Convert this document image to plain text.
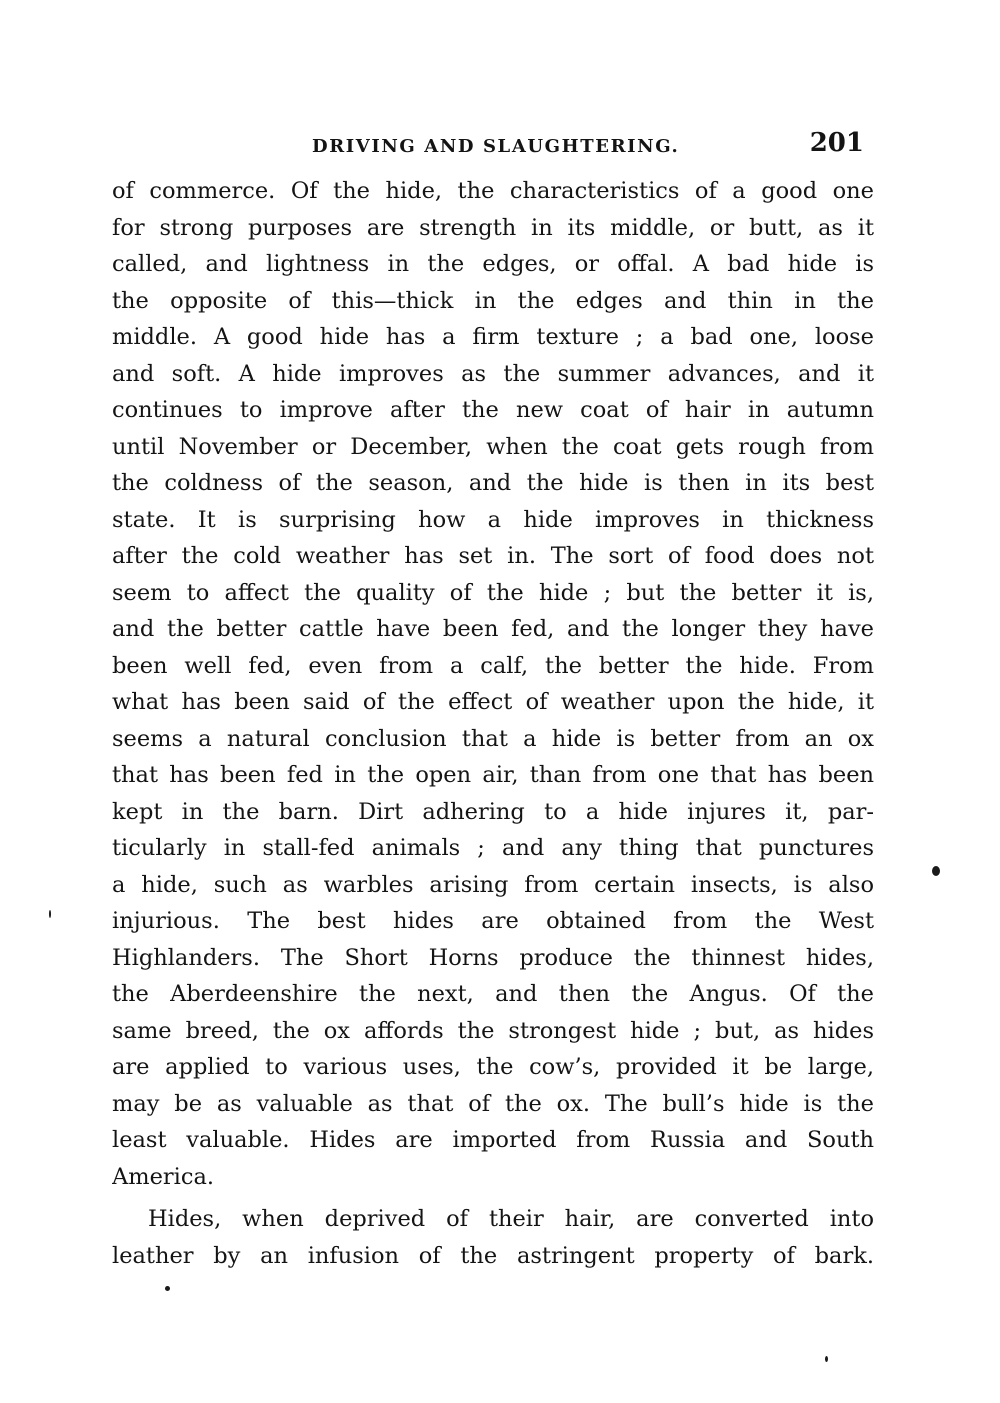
DRIVING AND SLAUGHTERING.	201
of commerce. Of the hide, the characteristics of a good one
for strong purposes are strength in its middle, or butt, as it
called, and lightness in the edges, or offal. A bad hide is
the opposite of this—thick in the edges and thin in the
middle. A good hide has a firm texture ; a bad one, loose
and soft. A hide improves as the summer advances, and it
continues to improve after the new coat of hair in autumn
until November or December, when the coat gets rough from
the coldness of the season, and the hide is then in its best
state. It is surprising how a hide improves in thickness
after the cold weather has set in. The sort of food does not
seem to affect the quality of the hide ; but the better it is,
and the better cattle have been fed, and the longer they have
been well fed, even from a calf, the better the hide. From
what has been said of the effect of weather upon the hide, it
seems a natural conclusion that a hide is better from an ox
that has been fed in the open air, than from one that has been
kept in the barn. Dirt adhering to a hide injures it, par-
ticularly in stall-fed animals ; and any thing that punctures
a hide, such as warbles arising from certain insects, is also
injurious. The best hides are obtained from the West
Highlanders. The Short Horns produce the thinnest hides,
the Aberdeenshire the next, and then the Angus. Of the
same breed, the ox affords the strongest hide ; but, as hides
are applied to various uses, the cow’s, provided it be large,
may be as valuable as that of the ox. The bull’s hide is the
least valuable. Hides are imported from Russia and South
America.
Hides, when deprived of their hair, are converted into
leather by an infusion of the astringent property of bark.
